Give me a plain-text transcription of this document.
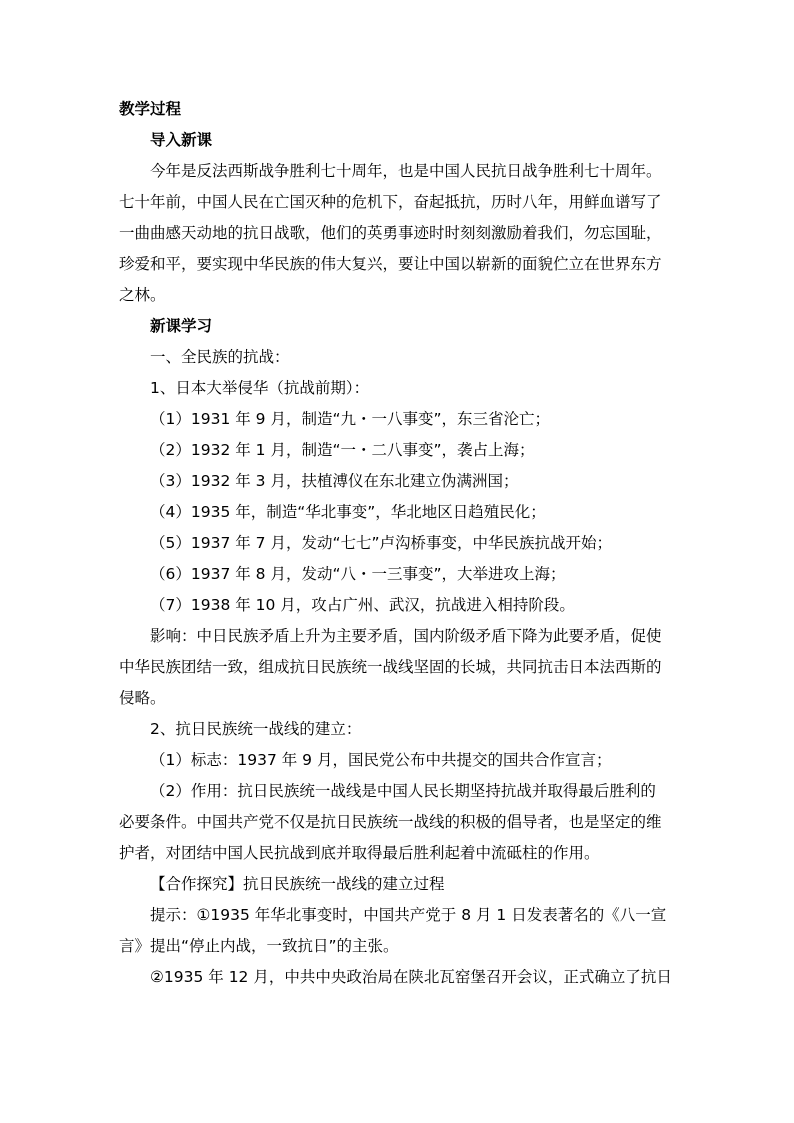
教学过程
导入新课
今年是反法西斯战争胜利七十周年，也是中国人民抗日战争胜利七十周年。
七十年前，中国人民在亡国灭种的危机下，奋起抵抗，历时八年，用鲜血谱写了
一曲曲感天动地的抗日战歌，他们的英勇事迹时时刻刻激励着我们，勿忘国耻，
珍爱和平，要实现中华民族的伟大复兴，要让中国以崭新的面貌伫立在世界东方
之林。
新课学习
一、全民族的抗战：
1、日本大举侵华（抗战前期）：
（1）1931 年 9 月，制造“九・一八事变”，东三省沦亡；
（2）1932 年 1 月，制造“一・二八事变”，袭占上海；
（3）1932 年 3 月，扶植溥仪在东北建立伪满洲国；
（4）1935 年，制造“华北事变”，华北地区日趋殖民化；
（5）1937 年 7 月，发动“七七”卢沟桥事变，中华民族抗战开始；
（6）1937 年 8 月，发动“八・一三事变”，大举进攻上海；
（7）1938 年 10 月，攻占广州、武汉，抗战进入相持阶段。
影响：中日民族矛盾上升为主要矛盾，国内阶级矛盾下降为此要矛盾，促使
中华民族团结一致，组成抗日民族统一战线坚固的长城，共同抗击日本法西斯的
侵略。
2、抗日民族统一战线的建立：
（1）标志：1937 年 9 月，国民党公布中共提交的国共合作宣言；
（2）作用：抗日民族统一战线是中国人民长期坚持抗战并取得最后胜利的
必要条件。中国共产党不仅是抗日民族统一战线的积极的倡导者，也是坚定的维
护者，对团结中国人民抗战到底并取得最后胜利起着中流砥柱的作用。
【合作探究】抗日民族统一战线的建立过程
提示：①1935 年华北事变时，中国共产党于 8 月 1 日发表著名的《八一宣
言》提出“停止内战，一致抗日”的主张。
②1935 年 12 月，中共中央政治局在陕北瓦窑堡召开会议，正式确立了抗日
